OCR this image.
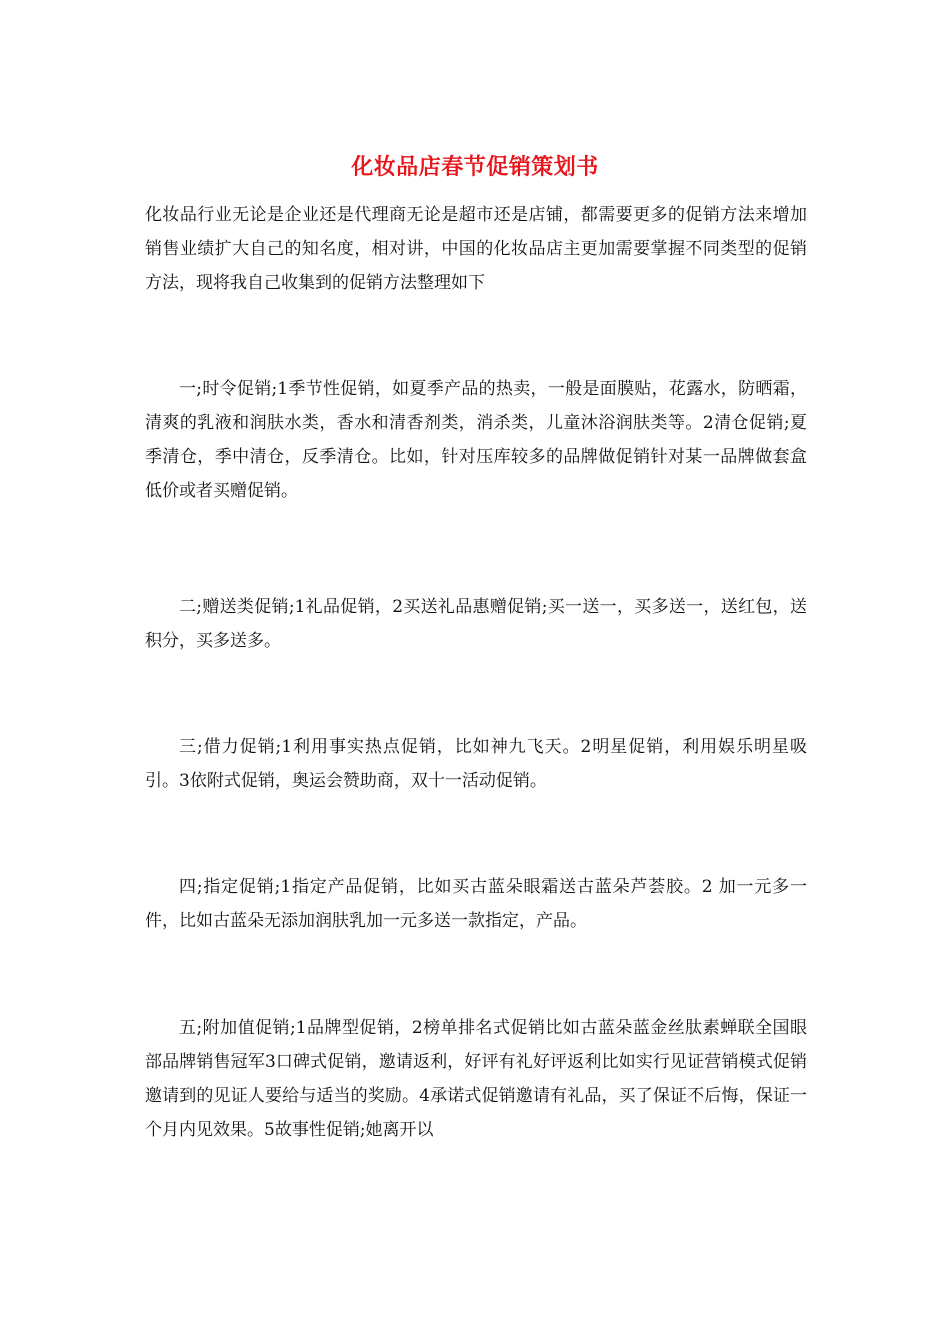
化妆品店春节促销策划书

化妆品行业无论是企业还是代理商无论是超市还是店铺，都需要更多的促销方法来增加销售业绩扩大自己的知名度，相对讲，中国的化妆品店主更加需要掌握不同类型的促销方法，现将我自己收集到的促销方法整理如下

一;时令促销;1季节性促销，如夏季产品的热卖，一般是面膜贴，花露水，防晒霜，清爽的乳液和润肤水类，香水和清香剂类，消杀类，儿童沐浴润肤类等。2清仓促销;夏季清仓，季中清仓，反季清仓。比如，针对压库较多的品牌做促销针对某一品牌做套盒低价或者买赠促销。

二;赠送类促销;1礼品促销，2买送礼品惠赠促销;买一送一，买多送一，送红包，送积分，买多送多。

三;借力促销;1利用事实热点促销，比如神九飞天。2明星促销，利用娱乐明星吸引。3依附式促销，奥运会赞助商，双十一活动促销。

四;指定促销;1指定产品促销，比如买古蓝朵眼霜送古蓝朵芦荟胶。2 加一元多一件，比如古蓝朵无添加润肤乳加一元多送一款指定，产品。

五;附加值促销;1品牌型促销，2榜单排名式促销比如古蓝朵蓝金丝肽素蝉联全国眼部品牌销售冠军3口碑式促销，邀请返利，好评有礼好评返利比如实行见证营销模式促销邀请到的见证人要给与适当的奖励。4承诺式促销邀请有礼品，买了保证不后悔，保证一个月内见效果。5故事性促销;她离开以
